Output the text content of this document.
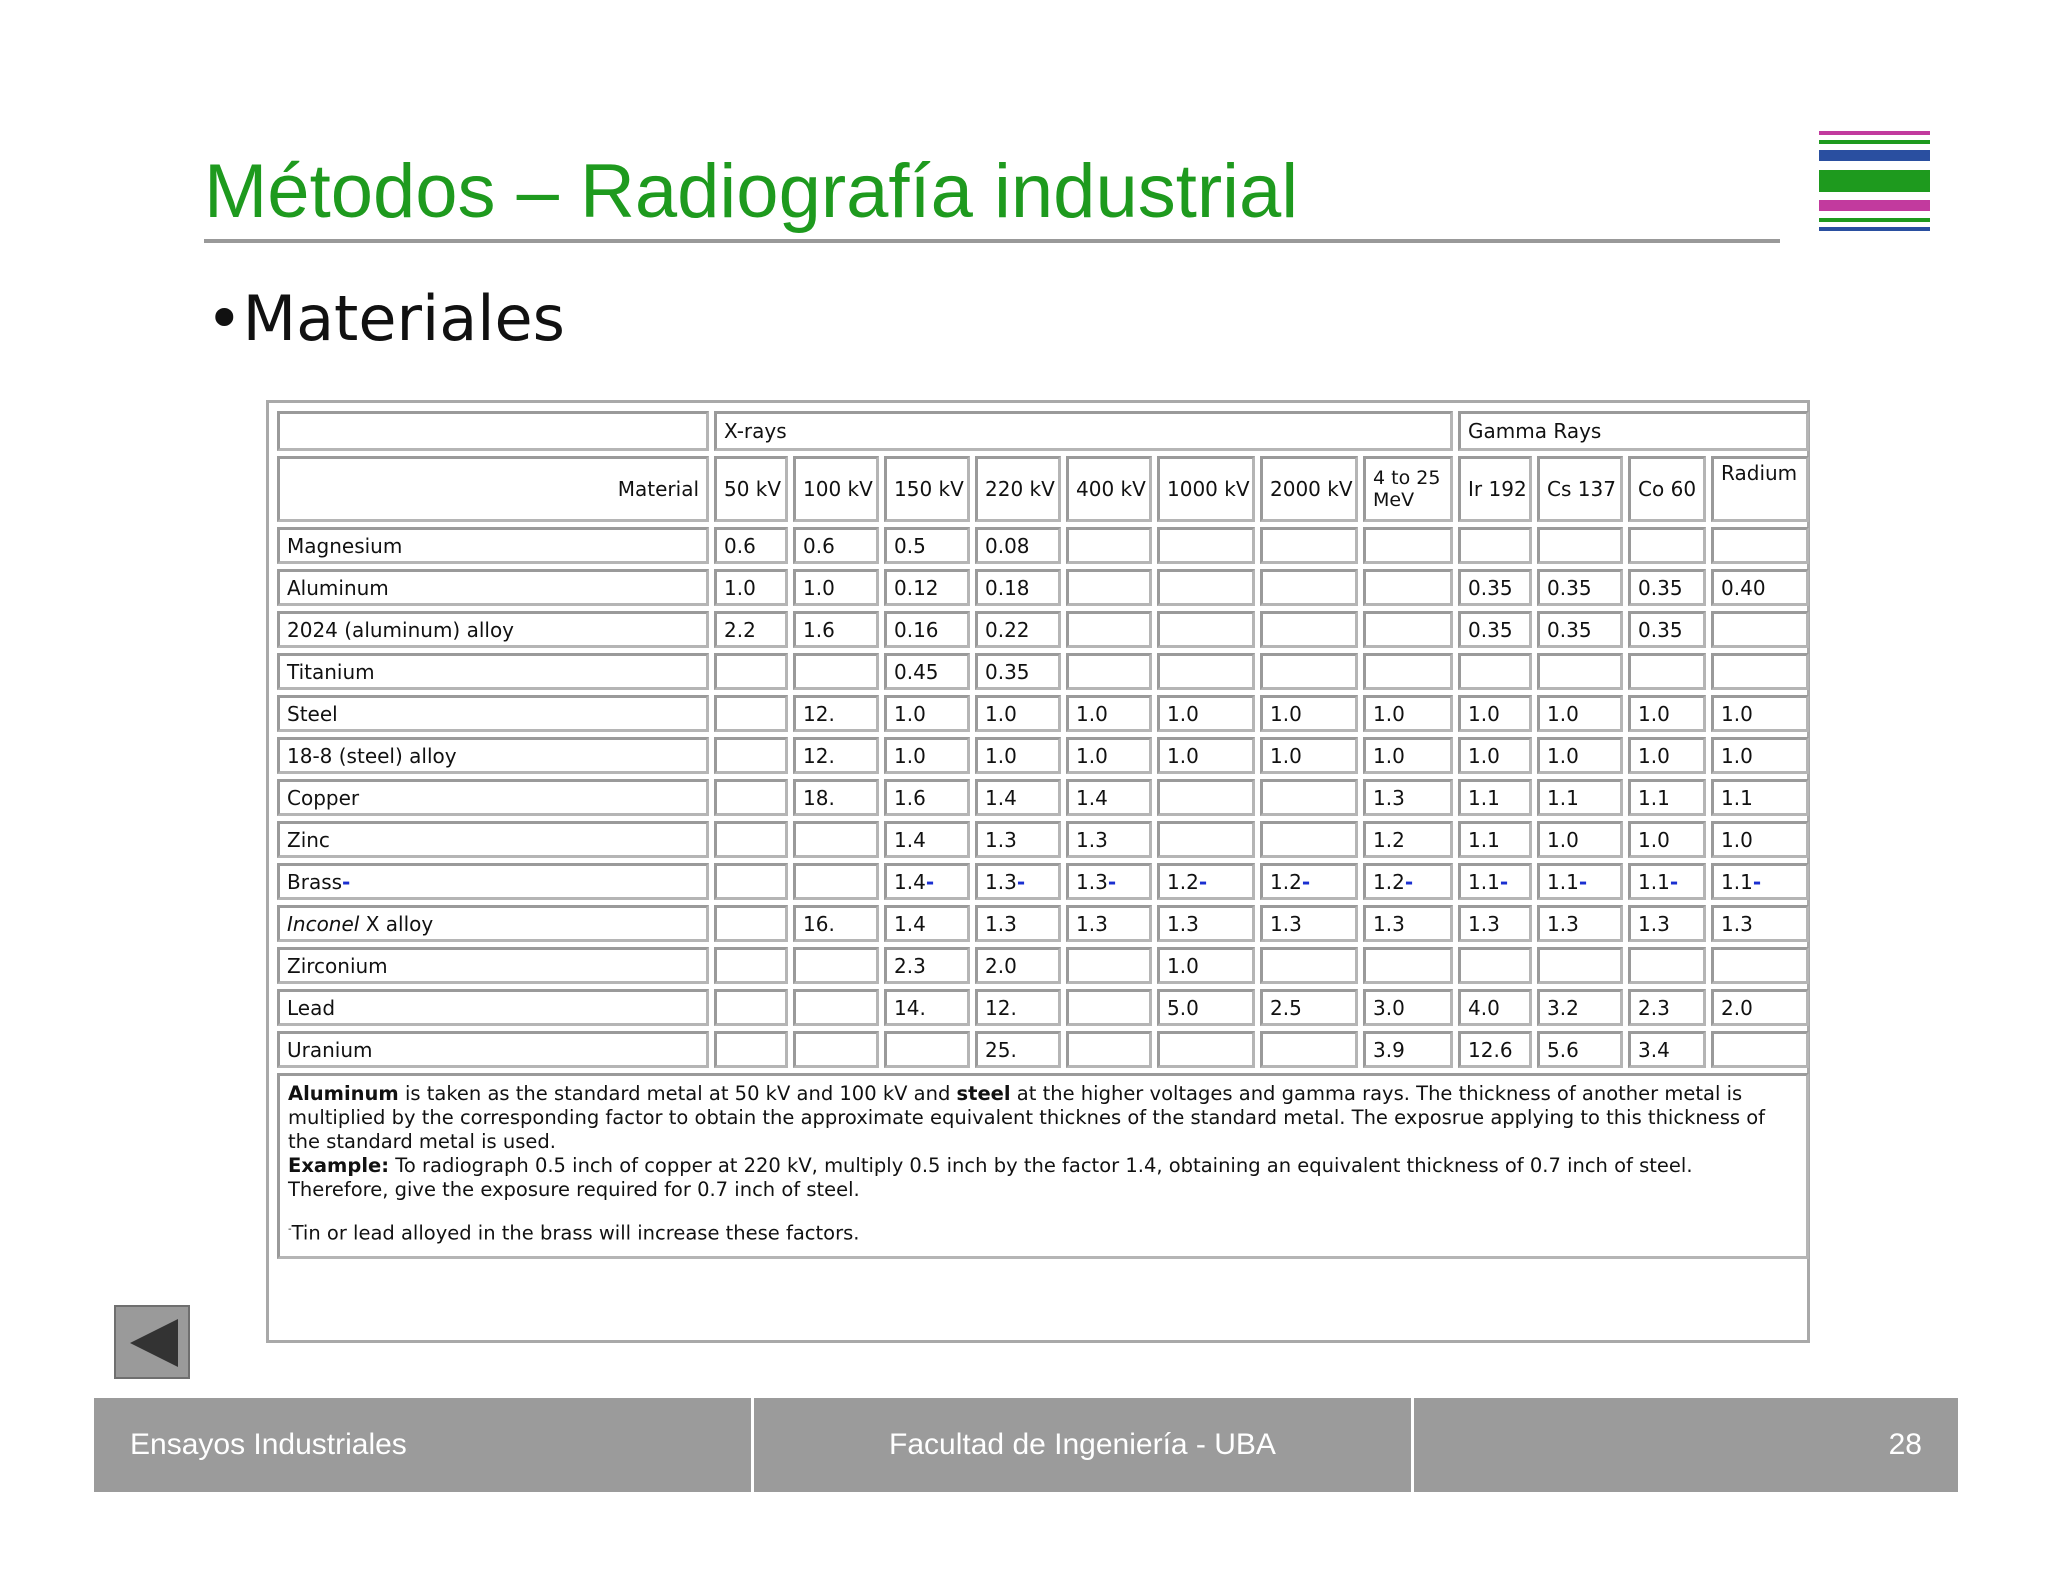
Métodos – Radiografía industrial
•Materiales
	X-rays								Gamma Rays			
Material	50 kV	100 kV	150 kV	220 kV	400 kV	1000 kV	2000 kV	4 to 25 MeV	Ir 192	Cs 137	Co 60	Radium
Magnesium	0.6	0.6	0.5	0.08								
Aluminum	1.0	1.0	0.12	0.18					0.35	0.35	0.35	0.40
2024 (aluminum) alloy	2.2	1.6	0.16	0.22					0.35	0.35	0.35	
Titanium			0.45	0.35								
Steel		12.	1.0	1.0	1.0	1.0	1.0	1.0	1.0	1.0	1.0	1.0
18-8 (steel) alloy		12.	1.0	1.0	1.0	1.0	1.0	1.0	1.0	1.0	1.0	1.0
Copper		18.	1.6	1.4	1.4			1.3	1.1	1.1	1.1	1.1
Zinc			1.4	1.3	1.3			1.2	1.1	1.0	1.0	1.0
Brass-			1.4-	1.3-	1.3-	1.2-	1.2-	1.2-	1.1-	1.1-	1.1-	1.1-
Inconel X alloy		16.	1.4	1.3	1.3	1.3	1.3	1.3	1.3	1.3	1.3	1.3
Zirconium			2.3	2.0		1.0						
Lead			14.	12.		5.0	2.5	3.0	4.0	3.2	2.3	2.0
Uranium				25.				3.9	12.6	5.6	3.4	

Aluminum is taken as the standard metal at 50 kV and 100 kV and steel at the higher voltages and gamma rays. The thickness of another metal is multiplied by the corresponding factor to obtain the approximate equivalent thicknes of the standard metal. The exposrue applying to this thickness of the standard metal is used.

Example: To radiograph 0.5 inch of copper at 220 kV, multiply 0.5 inch by the factor 1.4, obtaining an equivalent thickness of 0.7 inch of steel. Therefore, give the exposure required for 0.7 inch of steel.

-Tin or lead alloyed in the brass will increase these factors.												

Ensayos Industriales	Facultad de Ingeniería - UBA	28
